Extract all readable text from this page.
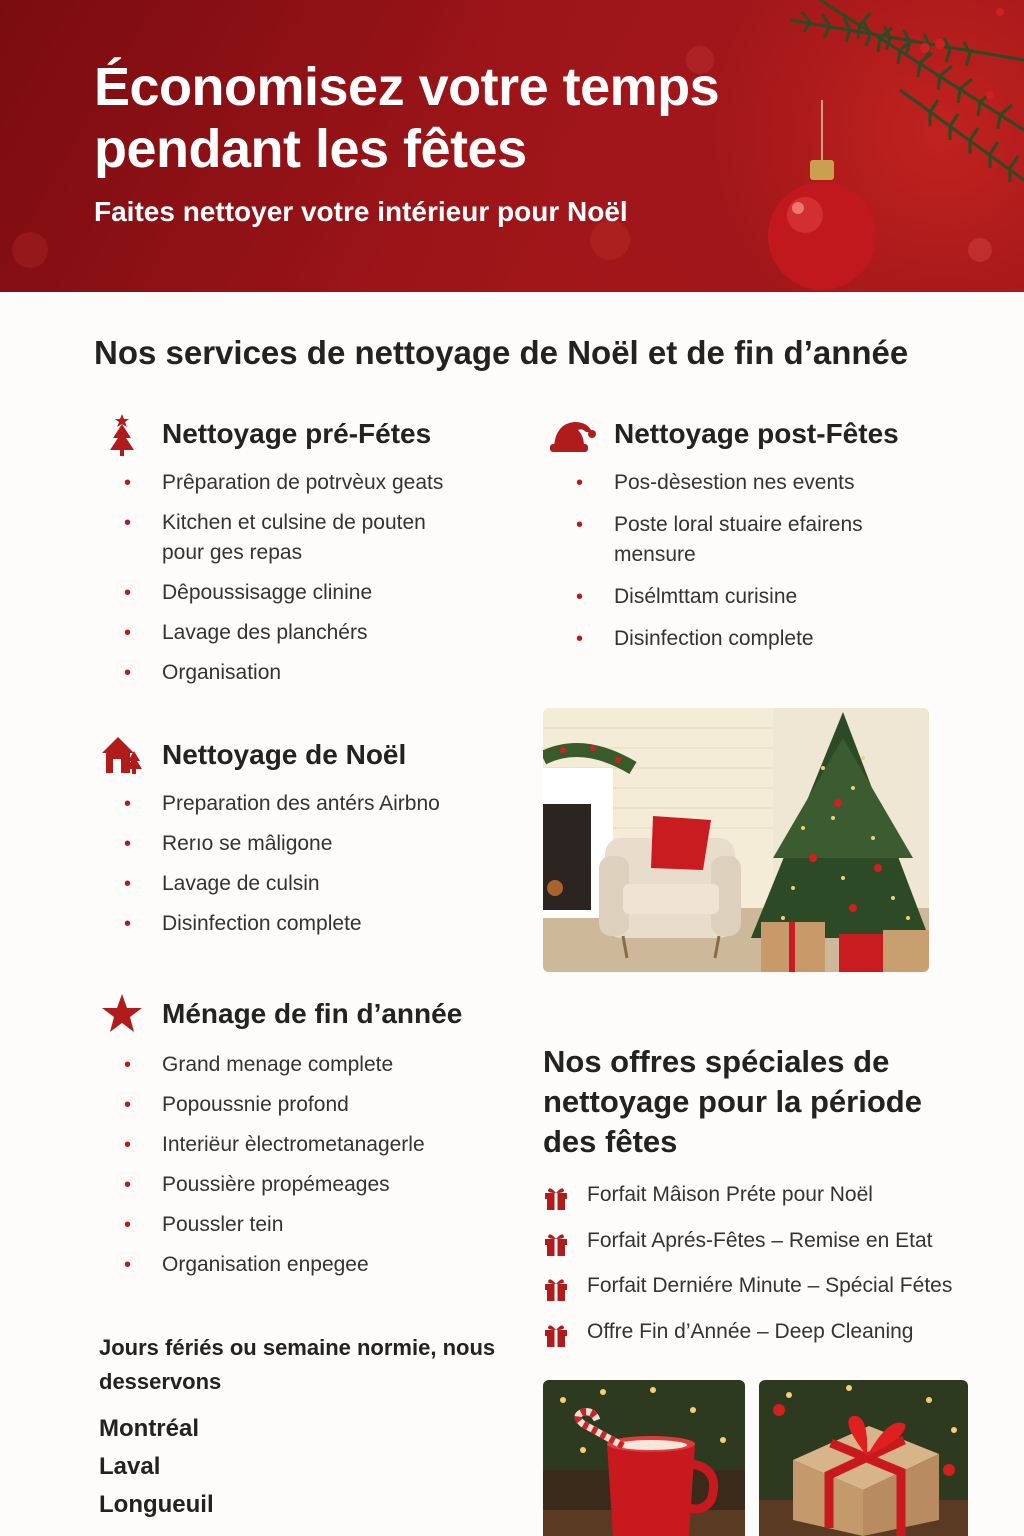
Économisez votre temps pendant les fêtes
Faites nettoyer votre intérieur pour Noël
Nos services de nettoyage de Noël et de fin d’année
Nettoyage pré-Fétes
• Prêparation de potrvèux geats
• Kitchen et culsine de pouten pour ges repas
• Dêpoussisagge clinine
• Lavage des planchérs
• Organisation
Nettoyage post-Fêtes
• Pos-dèsestion nes events
• Poste loral stuaire efairens mensure
• Disélmttam curisine
• Disinfection complete
Nettoyage de Noël
• Preparation des antérs Airbno
• Rerıo se mâligone
• Lavage de culsin
• Disinfection complete
Ménage de fin d’année
• Grand menage complete
• Popoussnie profond
• Interiëur èlectrometanagerle
• Poussière propémeages
• Poussler tein
• Organisation enpegee
Nos offres spéciales de nettoyage pour la période des fêtes
Forfait Mâison Préte pour Noël
Forfait Aprés-Fêtes – Remise en Etat
Forfait Derniére Minute – Spécial Fétes
Offre Fin d’Année – Deep Cleaning
Jours fériés ou semaine normie, nous desservons
Montréal
Laval
Longueuil
